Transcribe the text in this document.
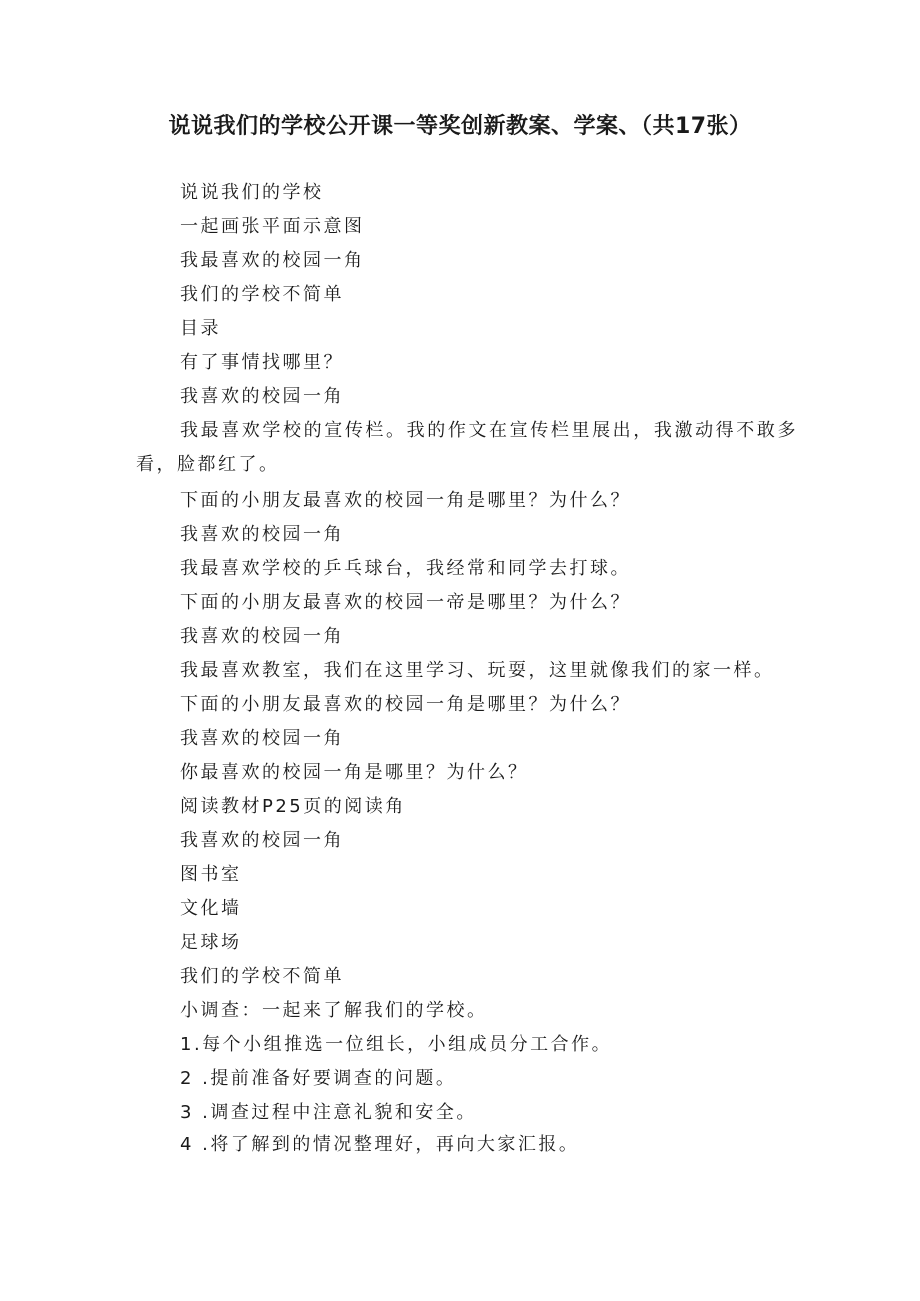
说说我们的学校公开课一等奖创新教案、学案、（共17张）
说说我们的学校
一起画张平面示意图
我最喜欢的校园一角
我们的学校不简单
目录
有了事情找哪里？
我喜欢的校园一角
我最喜欢学校的宣传栏。我的作文在宣传栏里展出，我激动得不敢多看，脸都红了。
下面的小朋友最喜欢的校园一角是哪里？为什么？
我喜欢的校园一角
我最喜欢学校的乒乓球台，我经常和同学去打球。
下面的小朋友最喜欢的校园一帝是哪里？为什么？
我喜欢的校园一角
我最喜欢教室，我们在这里学习、玩耍，这里就像我们的家一样。
下面的小朋友最喜欢的校园一角是哪里？为什么？
我喜欢的校园一角
你最喜欢的校园一角是哪里？为什么？
阅读教材P25页的阅读角
我喜欢的校园一角
图书室
文化墙
足球场
我们的学校不简单
小调查：一起来了解我们的学校。
1.每个小组推选一位组长，小组成员分工合作。
2 .提前准备好要调查的问题。
3 .调查过程中注意礼貌和安全。
4 .将了解到的情况整理好，再向大家汇报。
